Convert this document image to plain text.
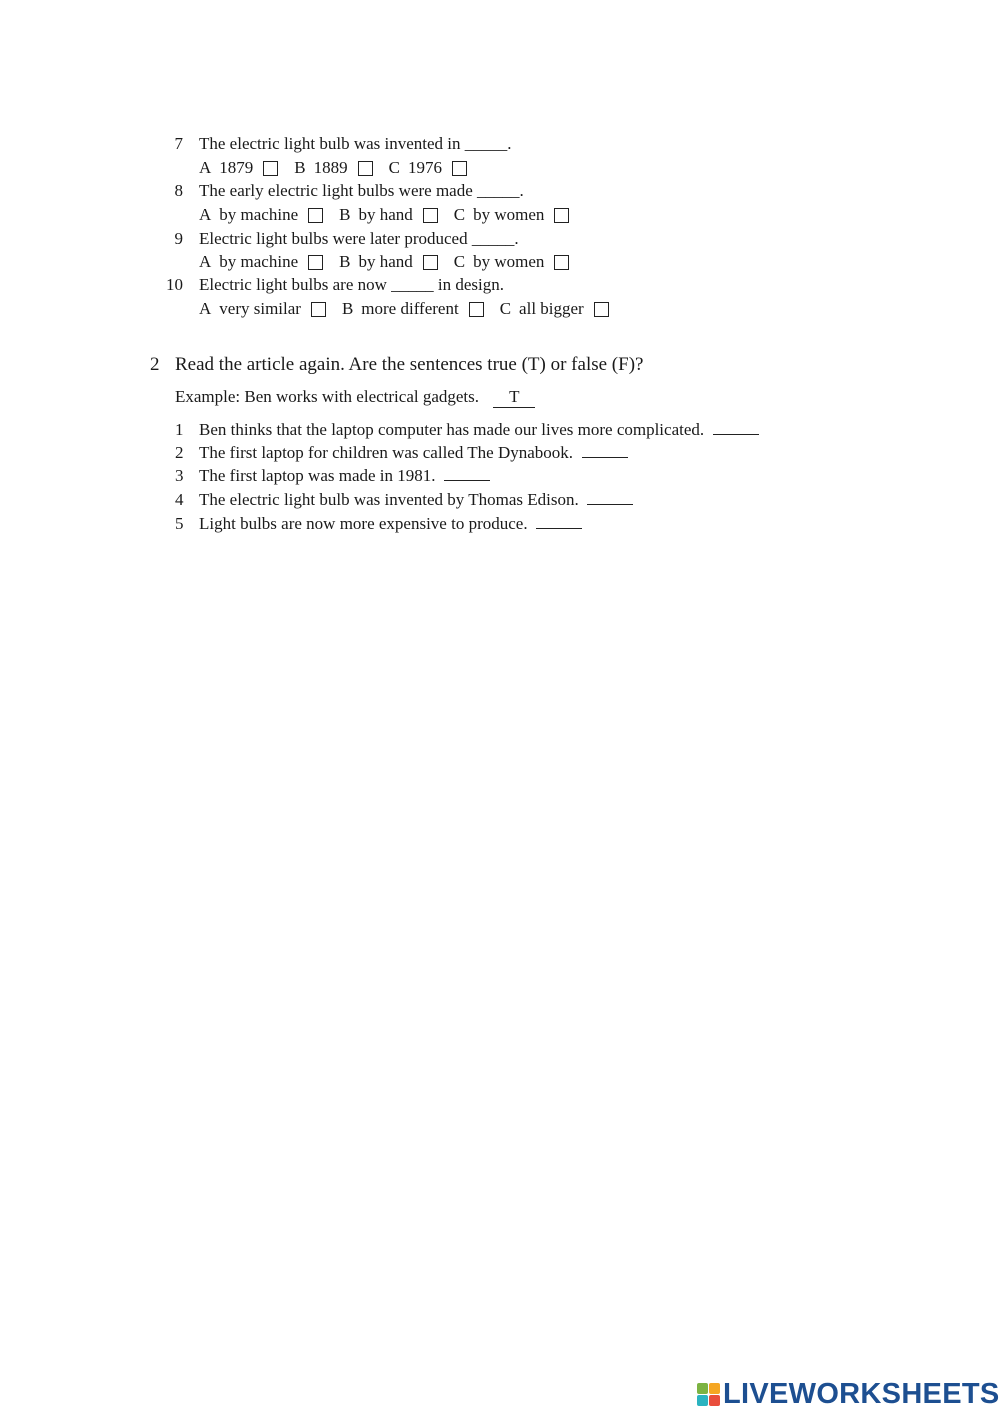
7 The electric light bulb was invented in _____.
A 1879 B 1889 C 1976
8 The early electric light bulbs were made _____.
A by machine B by hand C by women
9 Electric light bulbs were later produced _____.
A by machine B by hand C by women
10 Electric light bulbs are now _____ in design.
A very similar B more different C all bigger
2 Read the article again. Are the sentences true (T) or false (F)?
Example: Ben works with electrical gadgets. T
1 Ben thinks that the laptop computer has made our lives more complicated.
2 The first laptop for children was called The Dynabook.
3 The first laptop was made in 1981.
4 The electric light bulb was invented by Thomas Edison.
5 Light bulbs are now more expensive to produce.
LIVEWORKSHEETS
